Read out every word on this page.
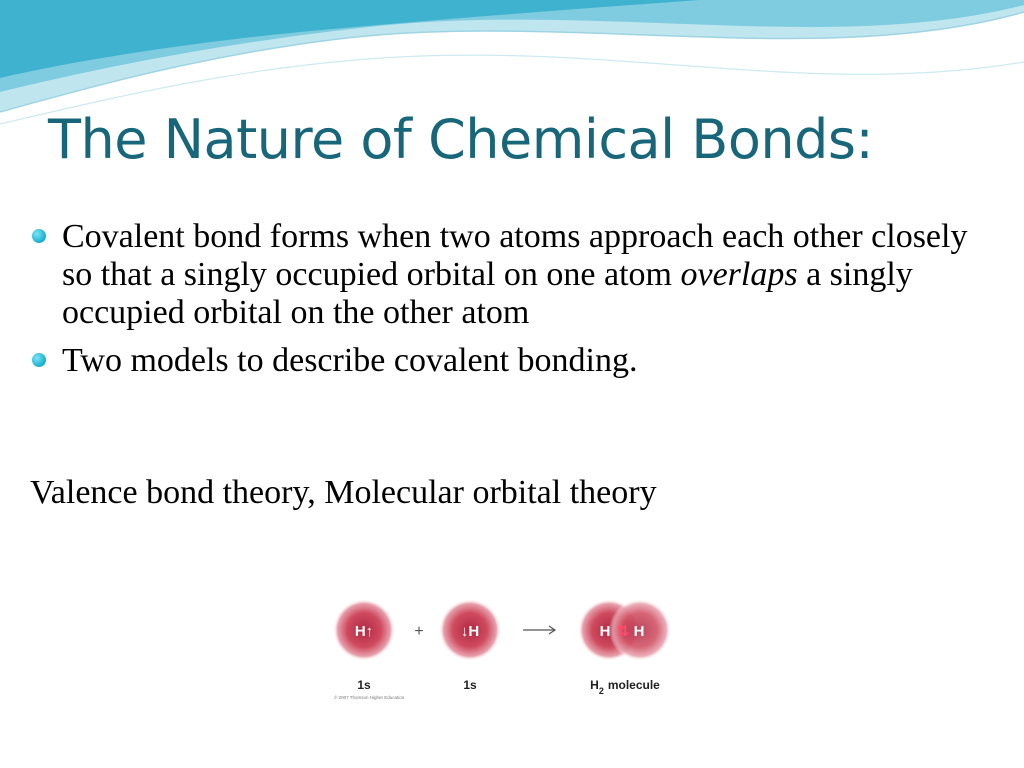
The Nature of Chemical Bonds:
Covalent bond forms when two atoms approach each other closely so that a singly occupied orbital on one atom overlaps a singly occupied orbital on the other atom
Two models to describe covalent bonding.
Valence bond theory, Molecular orbital theory
H↑	+ ↓H	H ⇅ H
1s	1s	$H_2$ molecule
© 2007 Thomson Higher Education
